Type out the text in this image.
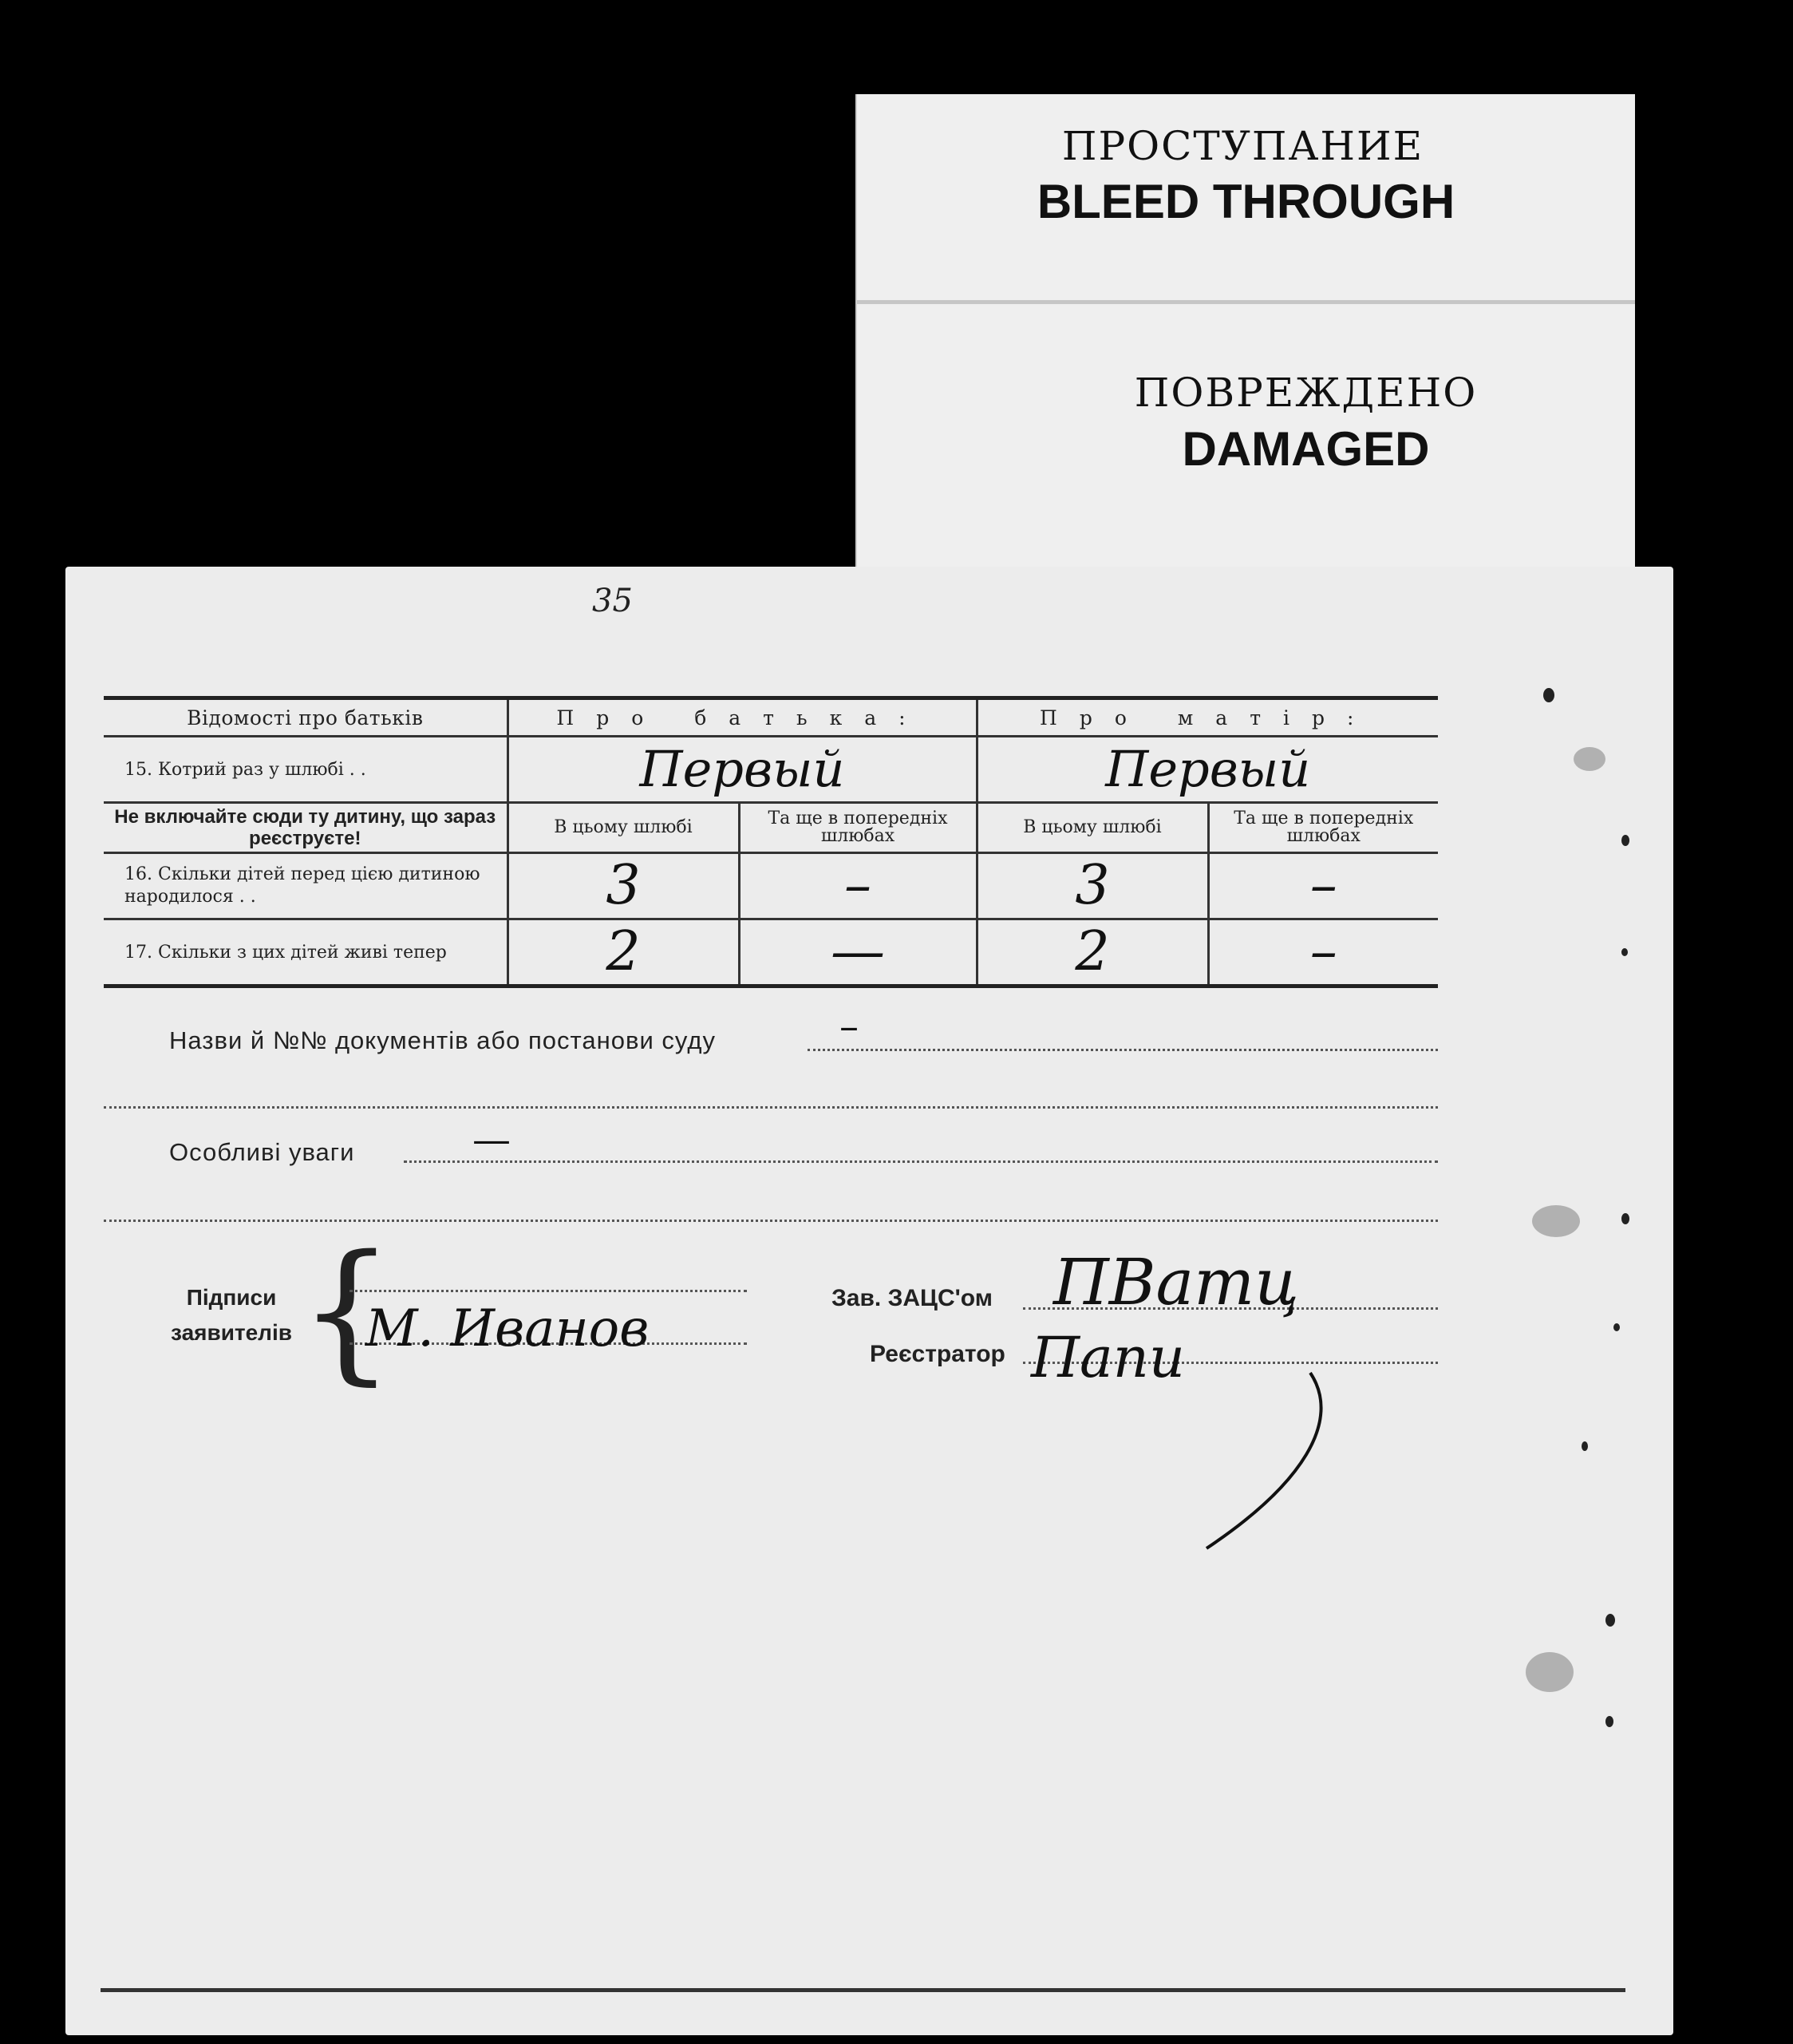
ПРОСТУПАНИЕ
BLEED THROUGH
ПОВРЕЖДЕНО
DAMAGED
35
Відомості про батьків	Про батька:		Про матір:	
15. Котрий раз у шлюбі . .	Первый		Первый	
Не включайте сюди ту дитину, що зараз реєструєте!	В цьому шлюбі	Та ще в попередніх шлюбах	В цьому шлюбі	Та ще в попередніх шлюбах
16. Скільки дітей перед цією дитиною народилося . .	3	–	3	–
17. Скільки з цих дітей живі тепер	2	—	2	–
Назви й №№ документів або постанови суду	–
Особливі уваги	—
Підписи заявителів {
М. Иванов
Зав. ЗАЦС'ом ПВатц
Реєстратор Папи
